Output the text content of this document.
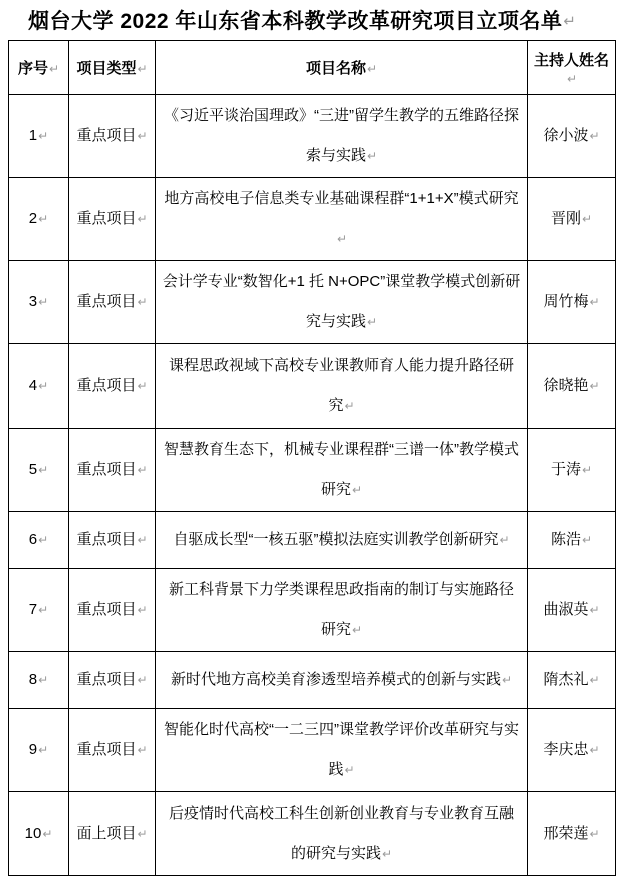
烟台大学 2022 年山东省本科教学改革研究项目立项名单↵
序号↵	项目类型↵	项目名称↵	主持人姓名↵
1↵	重点项目↵	《习近平谈治国理政》“三进”留学生教学的五维路径探索与实践↵	徐小波↵
2↵	重点项目↵	地方高校电子信息类专业基础课程群“1+1+X”模式研究↵	晋刚↵
3↵	重点项目↵	会计学专业“数智化+1 托 N+OPC”课堂教学模式创新研究与实践↵	周竹梅↵
4↵	重点项目↵	课程思政视域下高校专业课教师育人能力提升路径研究↵	徐晓艳↵
5↵	重点项目↵	智慧教育生态下，机械专业课程群“三谱一体”教学模式研究↵	于涛↵
6↵	重点项目↵	自驱成长型“一核五驱”模拟法庭实训教学创新研究↵	陈浩↵
7↵	重点项目↵	新工科背景下力学类课程思政指南的制订与实施路径研究↵	曲淑英↵
8↵	重点项目↵	新时代地方高校美育渗透型培养模式的创新与实践↵	隋杰礼↵
9↵	重点项目↵	智能化时代高校“一二三四”课堂教学评价改革研究与实践↵	李庆忠↵
10↵	面上项目↵	后疫情时代高校工科生创新创业教育与专业教育互融的研究与实践↵	邢荣莲↵
